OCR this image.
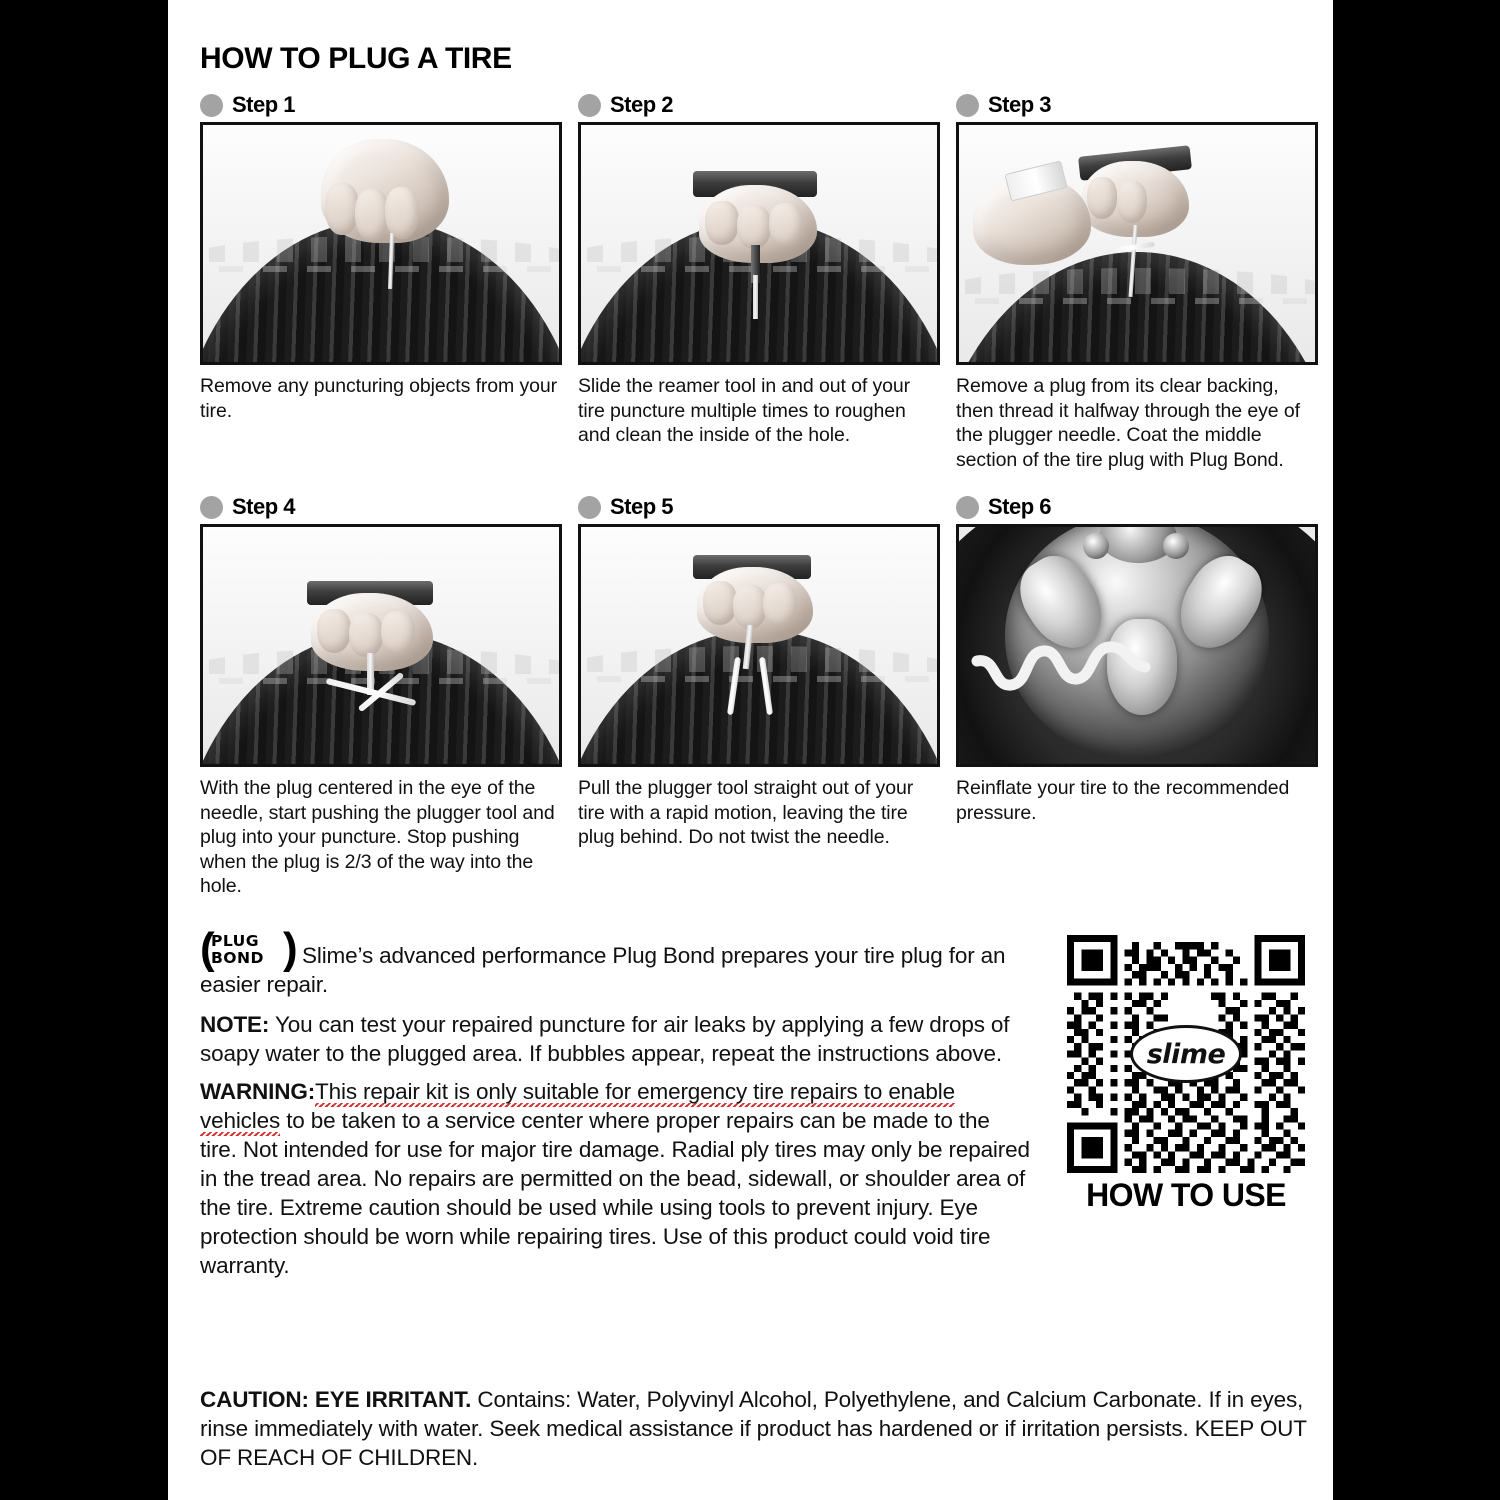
HOW TO PLUG A TIRE
Step 1
Remove any puncturing objects from your tire.
Step 2
Slide the reamer tool in and out of your tire puncture multiple times to roughen and clean the inside of the hole.
Step 3
Remove a plug from its clear backing, then thread it halfway through the eye of the plugger needle. Coat the middle section of the tire plug with Plug Bond.
Step 4
With the plug centered in the eye of the needle, start pushing the plugger tool and plug into your puncture. Stop pushing when the plug is 2/3 of the way into the hole.
Step 5
Pull the plugger tool straight out of your tire with a rapid motion, leaving the tire plug behind. Do not twist the needle.
Step 6
Reinflate your tire to the recommended pressure.
( )
PLUG
BOND	Slime’s advanced performance Plug Bond prepares your tire plug for an easier repair.
NOTE: You can test your repaired puncture for air leaks by applying a few drops of soapy water to the plugged area. If bubbles appear, repeat the instructions above.
WARNING:This repair kit is only suitable for emergency tire repairs to enable vehicles to be taken to a service center where proper repairs can be made to the tire. Not intended for use for major tire damage. Radial ply tires may only be repaired in the tread area. No repairs are permitted on the bead, sidewall, or shoulder area of the tire. Extreme caution should be used while using tools to prevent injury. Eye protection should be worn while repairing tires. Use of this product could void tire warranty.
slime
HOW TO USE
CAUTION: EYE IRRITANT. Contains: Water, Polyvinyl Alcohol, Polyethylene, and Calcium Carbonate. If in eyes, rinse immediately with water. Seek medical assistance if product has hardened or if irritation persists. KEEP OUT OF REACH OF CHILDREN.
